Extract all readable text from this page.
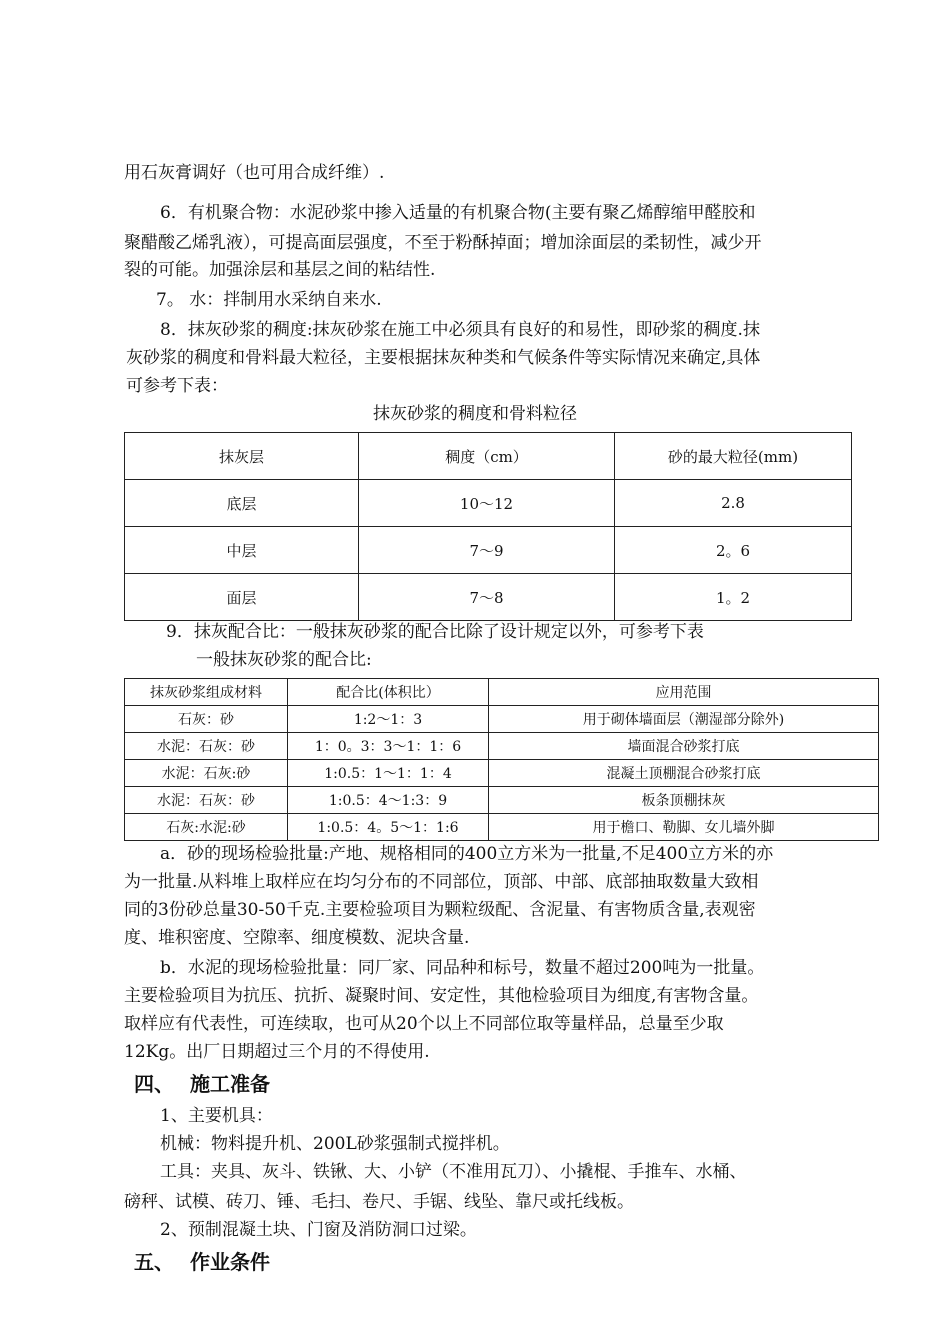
用石灰膏调好（也可用合成纤维）.
6．有机聚合物：水泥砂浆中掺入适量的有机聚合物(主要有聚乙烯醇缩甲醛胶和
聚醋酸乙烯乳液），可提高面层强度，不至于粉酥掉面；增加涂面层的柔韧性，减少开
裂的可能。加强涂层和基层之间的粘结性.
7。 水：拌制用水采纳自来水.
8．抹灰砂浆的稠度:抹灰砂浆在施工中必须具有良好的和易性，即砂浆的稠度.抹
灰砂浆的稠度和骨料最大粒径，主要根据抹灰种类和气候条件等实际情况来确定,具体
可参考下表：
抹灰砂浆的稠度和骨料粒径
抹灰层	稠度（cm）	砂的最大粒径(mm)
底层	10～12	2.8
中层	7～9	2。6
面层	7～8	1。2
9．抹灰配合比：一般抹灰砂浆的配合比除了设计规定以外，可参考下表
一般抹灰砂浆的配合比:
抹灰砂浆组成材料	配合比(体积比）	应用范围
石灰：砂	1:2～1：3	用于砌体墙面层（潮湿部分除外)
水泥：石灰：砂	1：0。3：3～1：1：6	墙面混合砂浆打底
水泥：石灰:砂	1:0.5：1～1：1：4	混凝土顶棚混合砂浆打底
水泥：石灰：砂	1:0.5：4～1:3：9	板条顶棚抹灰
石灰:水泥:砂	1:0.5：4。5～1：1:6	用于檐口、勒脚、女儿墙外脚
a．砂的现场检验批量:产地、规格相同的400立方米为一批量,不足400立方米的亦
为一批量.从料堆上取样应在均匀分布的不同部位，顶部、中部、底部抽取数量大致相
同的3份砂总量30-50千克.主要检验项目为颗粒级配、含泥量、有害物质含量,表观密
度、堆积密度、空隙率、细度模数、泥块含量.
b．水泥的现场检验批量：同厂家、同品种和标号，数量不超过200吨为一批量。
主要检验项目为抗压、抗折、凝聚时间、安定性，其他检验项目为细度,有害物含量。
取样应有代表性，可连续取，也可从20个以上不同部位取等量样品，总量至少取
12Kg。出厂日期超过三个月的不得使用.
四、 施工准备
1、主要机具：
机械：物料提升机、200L砂浆强制式搅拌机。
工具：夹具、灰斗、铁锹、大、小铲（不准用瓦刀）、小撬棍、手推车、水桶、
磅秤、试模、砖刀、锤、毛扫、卷尺、手锯、线坠、靠尺或托线板。
2、预制混凝土块、门窗及消防洞口过梁。
五、 作业条件
